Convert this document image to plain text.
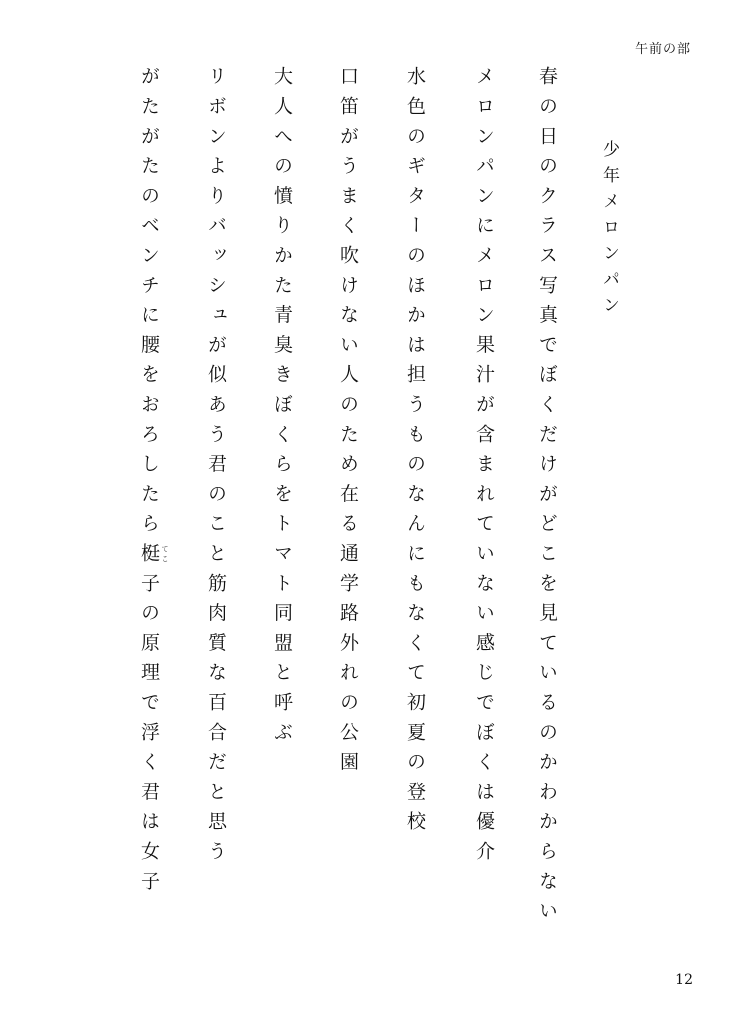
午前の部
少年メロンパン
春の日のクラス写真でぼくだけがどこを見ているのかわからない
メロンパンにメロン果汁が含まれていない感じでぼくは優介
水色のギターのほかは担うものなんにもなくて初夏の登校
口笛がうまく吹けない人のため在る通学路外れの公園
大人への憤りかた青臭きぼくらをトマト同盟と呼ぶ
リボンよりバッシュが似あう君のこと筋肉質な百合だと思う
がたがたのベンチに腰をおろしたら梃子 て
こ
の原理で浮く君は女子
12
